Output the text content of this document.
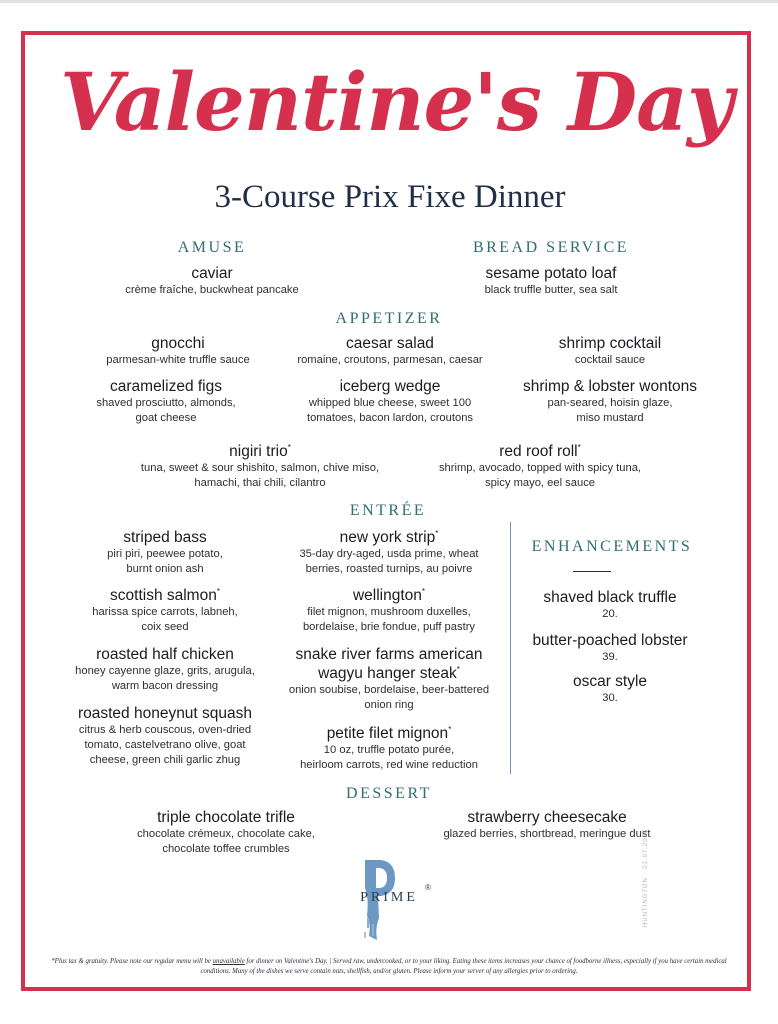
Valentine's Day
3-Course Prix Fixe Dinner
AMUSE
caviar
crème fraîche, buckwheat pancake
BREAD SERVICE
sesame potato loaf
black truffle butter, sea salt
APPETIZER
gnocchi
parmesan-white truffle sauce
caesar salad
romaine, croutons, parmesan, caesar
shrimp cocktail
cocktail sauce
caramelized figs
shaved prosciutto, almonds,
goat cheese
iceberg wedge
whipped blue cheese, sweet 100
tomatoes, bacon lardon, croutons
shrimp & lobster wontons
pan-seared, hoisin glaze,
miso mustard
nigiri trio*
tuna, sweet & sour shishito, salmon, chive miso,
hamachi, thai chili, cilantro
red roof roll*
shrimp, avocado, topped with spicy tuna,
spicy mayo, eel sauce
ENTRÉE
striped bass
piri piri, peewee potato,
burnt onion ash
scottish salmon*
harissa spice carrots, labneh,
coix seed
roasted half chicken
honey cayenne glaze, grits, arugula,
warm bacon dressing
roasted honeynut squash
citrus & herb couscous, oven-dried
tomato, castelvetrano olive, goat
cheese, green chili garlic zhug
new york strip*
35-day dry-aged, usda prime, wheat
berries, roasted turnips, au poivre
wellington*
filet mignon, mushroom duxelles,
bordelaise, brie fondue, puff pastry
snake river farms american
wagyu hanger steak*
onion soubise, bordelaise, beer-battered
onion ring
petite filet mignon*
10 oz, truffle potato purée,
heirloom carrots, red wine reduction
ENHANCEMENTS
shaved black truffle
20.
butter-poached lobster
39.
oscar style
30.
DESSERT
triple chocolate trifle
chocolate crémeux, chocolate cake,
chocolate toffee crumbles
strawberry cheesecake
glazed berries, shortbread, meringue dust
PRIME
®	HUNTINGTON · 01.07.2025
*Plus tax & gratuity. Please note our regular menu will be unavailable for dinner on Valentine's Day. | Served raw, undercooked, or to your liking. Eating these items increases your chance of foodborne illness, especially if you have certain medical conditions. Many of the dishes we serve contain nuts, shellfish, and/or gluten. Please inform your server of any allergies prior to ordering.
